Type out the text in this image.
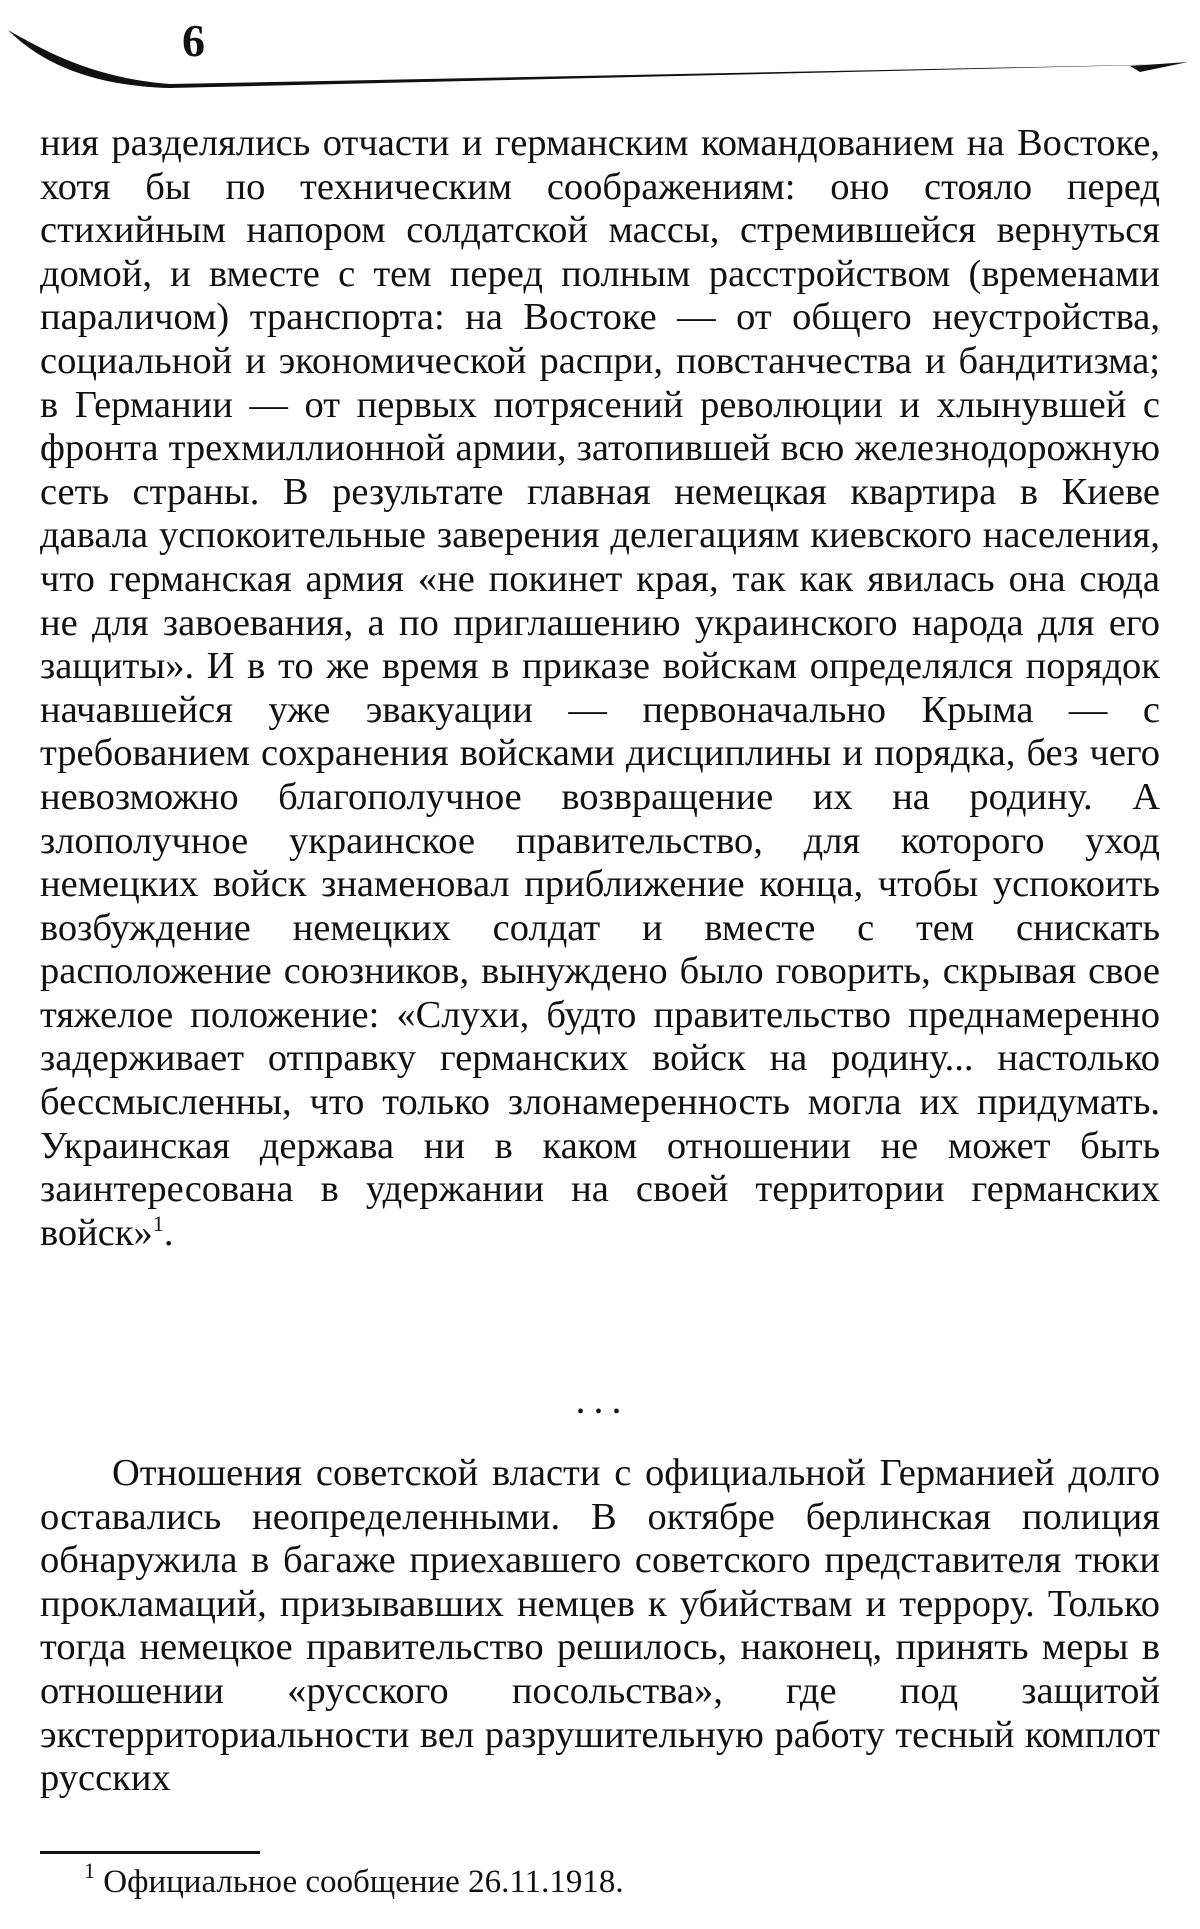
6

ния разделялись отчасти и германским командованием на Востоке, хотя бы по техническим соображениям: оно стояло перед стихийным напором солдатской массы, стремившейся вернуться домой, и вместе с тем перед полным расстройством (временами параличом) транспорта: на Востоке — от общего неустройства, социальной и экономической распри, повстанчества и бандитизма; в Германии — от первых потрясений революции и хлынувшей с фронта трехмиллионной армии, затопившей всю железнодорожную сеть страны. В результате главная немецкая квартира в Киеве давала успокоительные заверения делегациям киевского населения, что германская армия «не покинет края, так как явилась она сюда не для завоевания, а по приглашению украинского народа для его защиты». И в то же время в приказе войскам определялся порядок начавшейся уже эвакуации — первоначально Крыма — с требованием сохранения войсками дисциплины и порядка, без чего невозможно благополучное возвращение их на родину. А злополучное украинское правительство, для которого уход немецких войск знаменовал приближение конца, чтобы успокоить возбуждение немецких солдат и вместе с тем снискать расположение союзников, вынуждено было говорить, скрывая свое тяжелое положение: «Слухи, будто правительство преднамеренно задерживает отправку германских войск на родину... настолько бессмысленны, что только злонамеренность могла их придумать. Украинская держава ни в каком отношении не может быть заинтересована в удержании на своей территории германских войск»$^1$.

• • •

Отношения советской власти с официальной Германией долго оставались неопределенными. В октябре берлинская полиция обнаружила в багаже приехавшего советского представителя тюки прокламаций, призывавших немцев к убийствам и террору. Только тогда немецкое правительство решилось, наконец, принять меры в отношении «русского посольства», где под защитой экстерриториальности вел разрушительную работу тесный комплот русских

$^1$ Официальное сообщение 26.11.1918.
